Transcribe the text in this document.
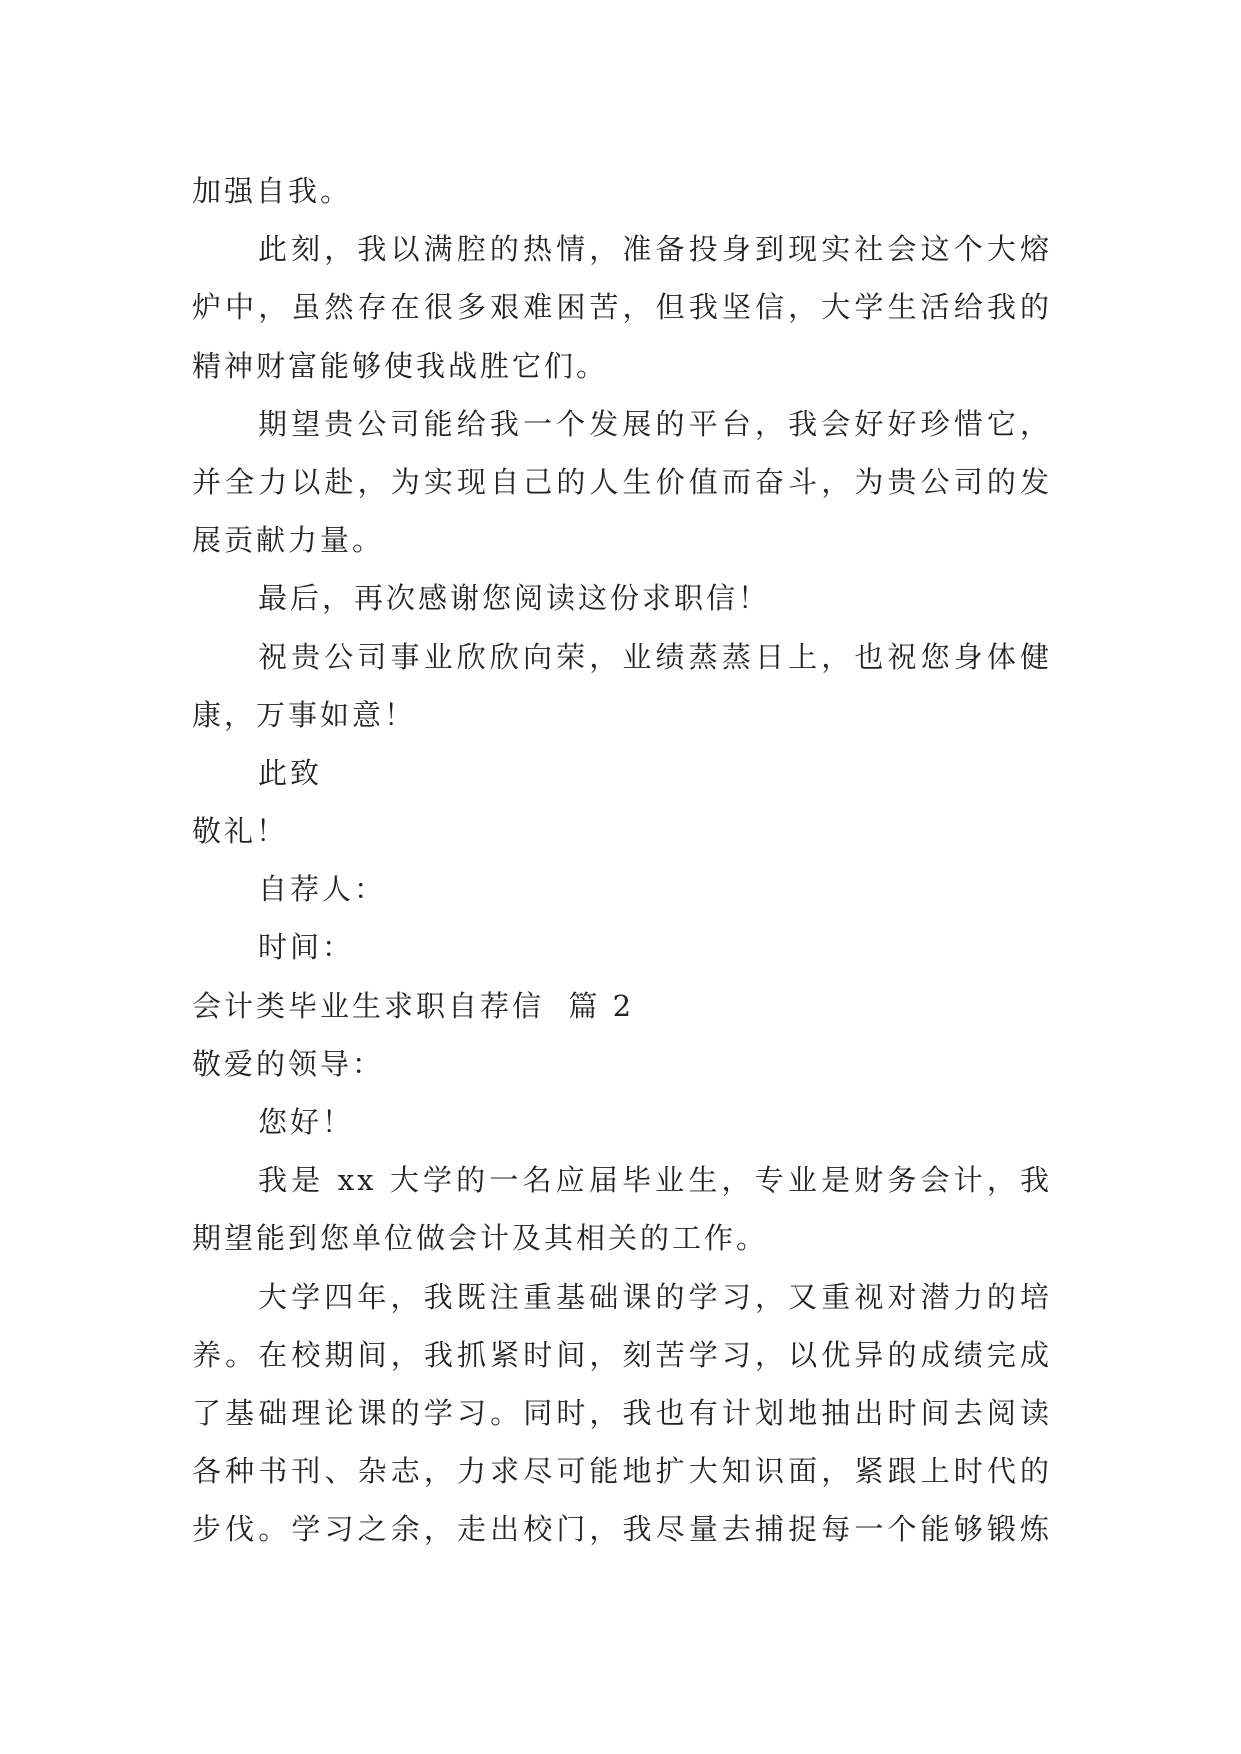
加强自我。
此刻，我以满腔的热情，准备投身到现实社会这个大熔
炉中，虽然存在很多艰难困苦，但我坚信，大学生活给我的
精神财富能够使我战胜它们。
期望贵公司能给我一个发展的平台，我会好好珍惜它，
并全力以赴，为实现自己的人生价值而奋斗，为贵公司的发
展贡献力量。
最后，再次感谢您阅读这份求职信！
祝贵公司事业欣欣向荣，业绩蒸蒸日上，也祝您身体健
康，万事如意！
此致
敬礼！
自荐人：
时间：
会计类毕业生求职自荐信  篇 2
敬爱的领导：
您好！
我是 xx 大学的一名应届毕业生，专业是财务会计，我
期望能到您单位做会计及其相关的工作。
大学四年，我既注重基础课的学习，又重视对潜力的培
养。在校期间，我抓紧时间，刻苦学习，以优异的成绩完成
了基础理论课的学习。同时，我也有计划地抽出时间去阅读
各种书刊、杂志，力求尽可能地扩大知识面，紧跟上时代的
步伐。学习之余，走出校门，我尽量去捕捉每一个能够锻炼
